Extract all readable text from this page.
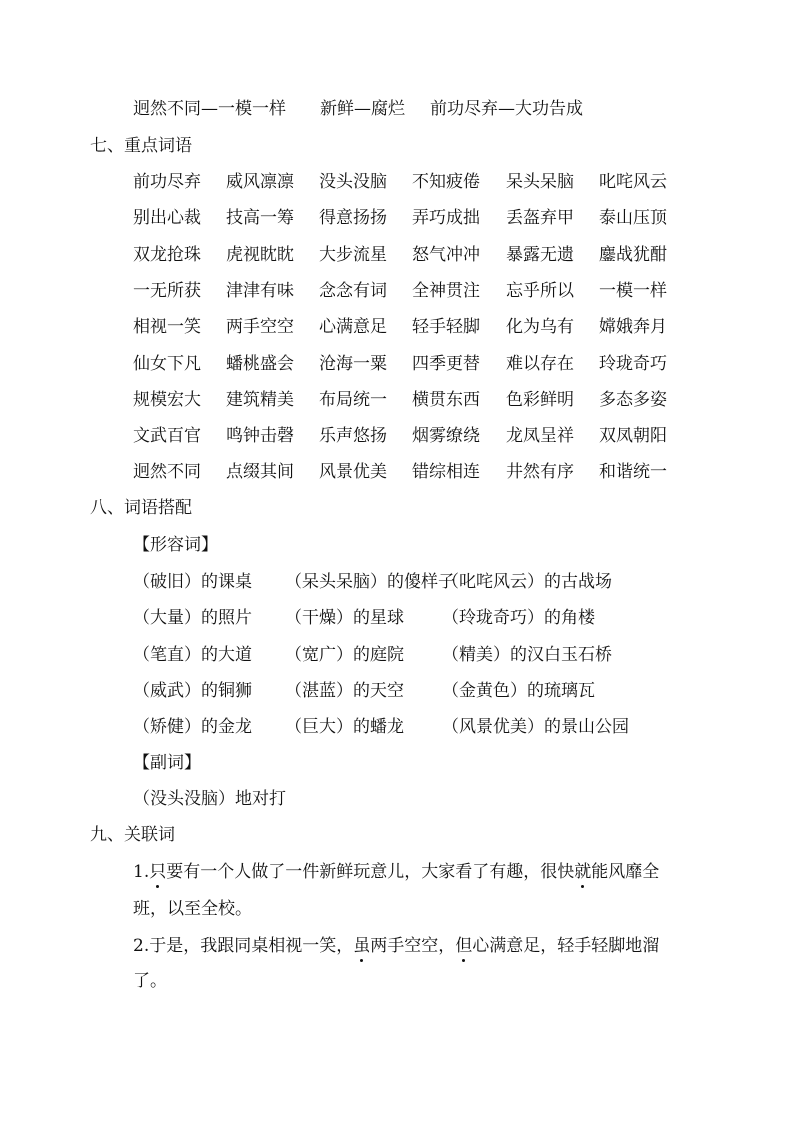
迥然不同—一模一样 新鲜—腐烂 前功尽弃—大功告成
七、重点词语
前功尽弃 威风凛凛 没头没脑 不知疲倦 呆头呆脑 叱咤风云
别出心裁 技高一筹 得意扬扬 弄巧成拙 丢盔弃甲 泰山压顶
双龙抢珠 虎视眈眈 大步流星 怒气冲冲 暴露无遗 鏖战犹酣
一无所获 津津有味 念念有词 全神贯注 忘乎所以 一模一样
相视一笑 两手空空 心满意足 轻手轻脚 化为乌有 嫦娥奔月
仙女下凡 蟠桃盛会 沧海一粟 四季更替 难以存在 玲珑奇巧
规模宏大 建筑精美 布局统一 横贯东西 色彩鲜明 多态多姿
文武百官 鸣钟击磬 乐声悠扬 烟雾缭绕 龙凤呈祥 双凤朝阳
迥然不同 点缀其间 风景优美 错综相连 井然有序 和谐统一
八、词语搭配
【形容词】
（破旧）的课桌 （呆头呆脑）的傻样子
（叱咤风云）的古战场
（大量）的照片 （干燥）的星球 （玲珑奇巧）的角楼
（笔直）的大道 （宽广）的庭院 （精美）的汉白玉石桥
（威武）的铜狮 （湛蓝）的天空 （金黄色）的琉璃瓦
（矫健）的金龙 （巨大）的蟠龙 （风景优美）的景山公园
【副词】
（没头没脑）地对打
九、关联词
1.只要有一个人做了一件新鲜玩意儿，大家看了有趣，很快就能风靡全
班，以至全校。
2.于是，我跟同桌相视一笑，虽两手空空，但心满意足，轻手轻脚地溜
了。
